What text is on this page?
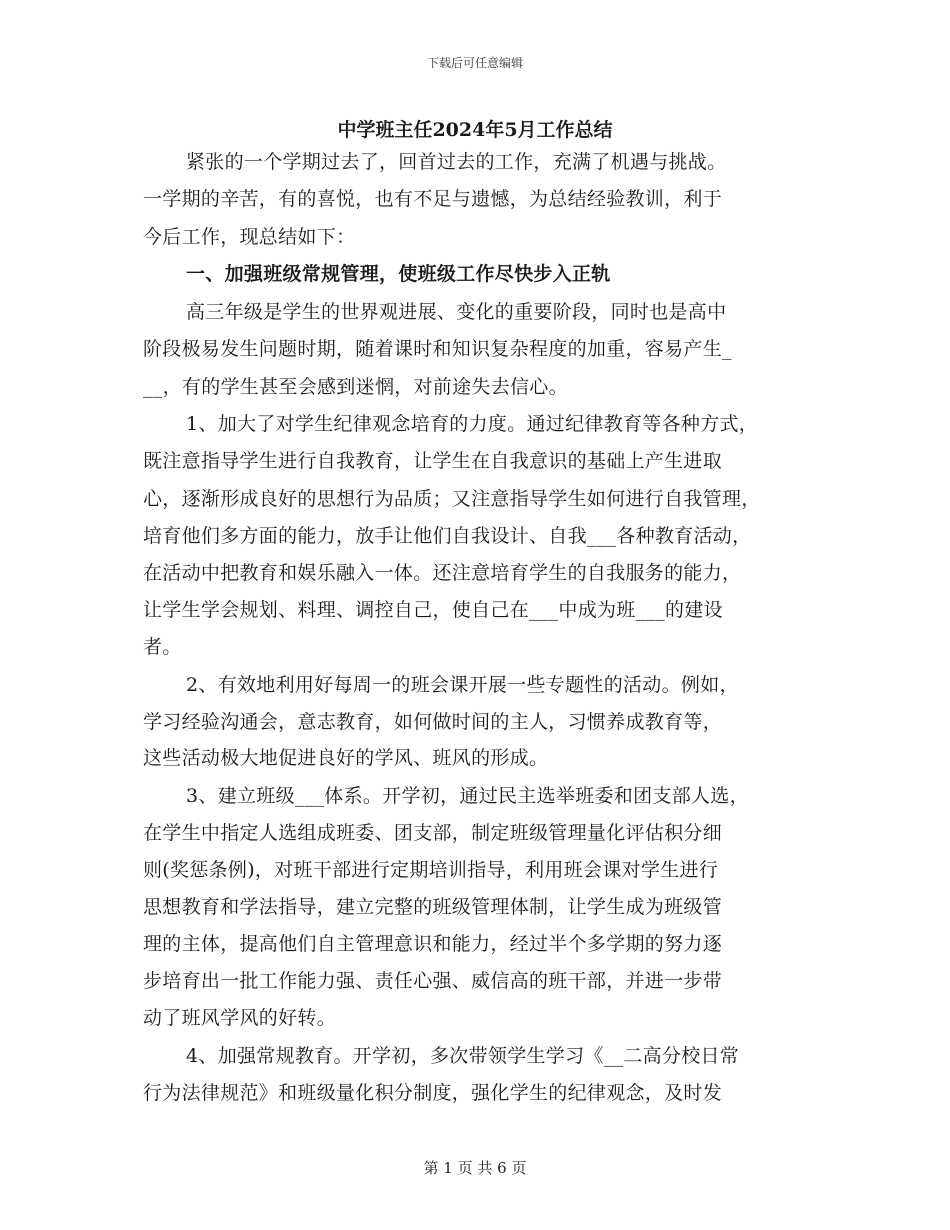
下载后可任意编辑
中学班主任2024年5月工作总结
紧张的一个学期过去了，回首过去的工作，充满了机遇与挑战。
一学期的辛苦，有的喜悦，也有不足与遗憾，为总结经验教训，利于
今后工作，现总结如下：
一、加强班级常规管理，使班级工作尽快步入正轨
高三年级是学生的世界观进展、变化的重要阶段，同时也是高中
阶段极易发生问题时期，随着课时和知识复杂程度的加重，容易产生_
__，有的学生甚至会感到迷惘，对前途失去信心。
1、加大了对学生纪律观念培育的力度。通过纪律教育等各种方式，
既注意指导学生进行自我教育，让学生在自我意识的基础上产生进取
心，逐渐形成良好的思想行为品质；又注意指导学生如何进行自我管理，
培育他们多方面的能力，放手让他们自我设计、自我___各种教育活动，
在活动中把教育和娱乐融入一体。还注意培育学生的自我服务的能力，
让学生学会规划、料理、调控自己，使自己在___中成为班___的建设
者。
2、有效地利用好每周一的班会课开展一些专题性的活动。例如，
学习经验沟通会，意志教育，如何做时间的主人，习惯养成教育等，
这些活动极大地促进良好的学风、班风的形成。
3、建立班级___体系。开学初，通过民主选举班委和团支部人选，
在学生中指定人选组成班委、团支部，制定班级管理量化评估积分细
则(奖惩条例)，对班干部进行定期培训指导，利用班会课对学生进行
思想教育和学法指导，建立完整的班级管理体制，让学生成为班级管
理的主体，提高他们自主管理意识和能力，经过半个多学期的努力逐
步培育出一批工作能力强、责任心强、威信高的班干部，并进一步带
动了班风学风的好转。
4、加强常规教育。开学初，多次带领学生学习《__二高分校日常
行为法律规范》和班级量化积分制度，强化学生的纪律观念，及时发
第 1 页 共 6 页
